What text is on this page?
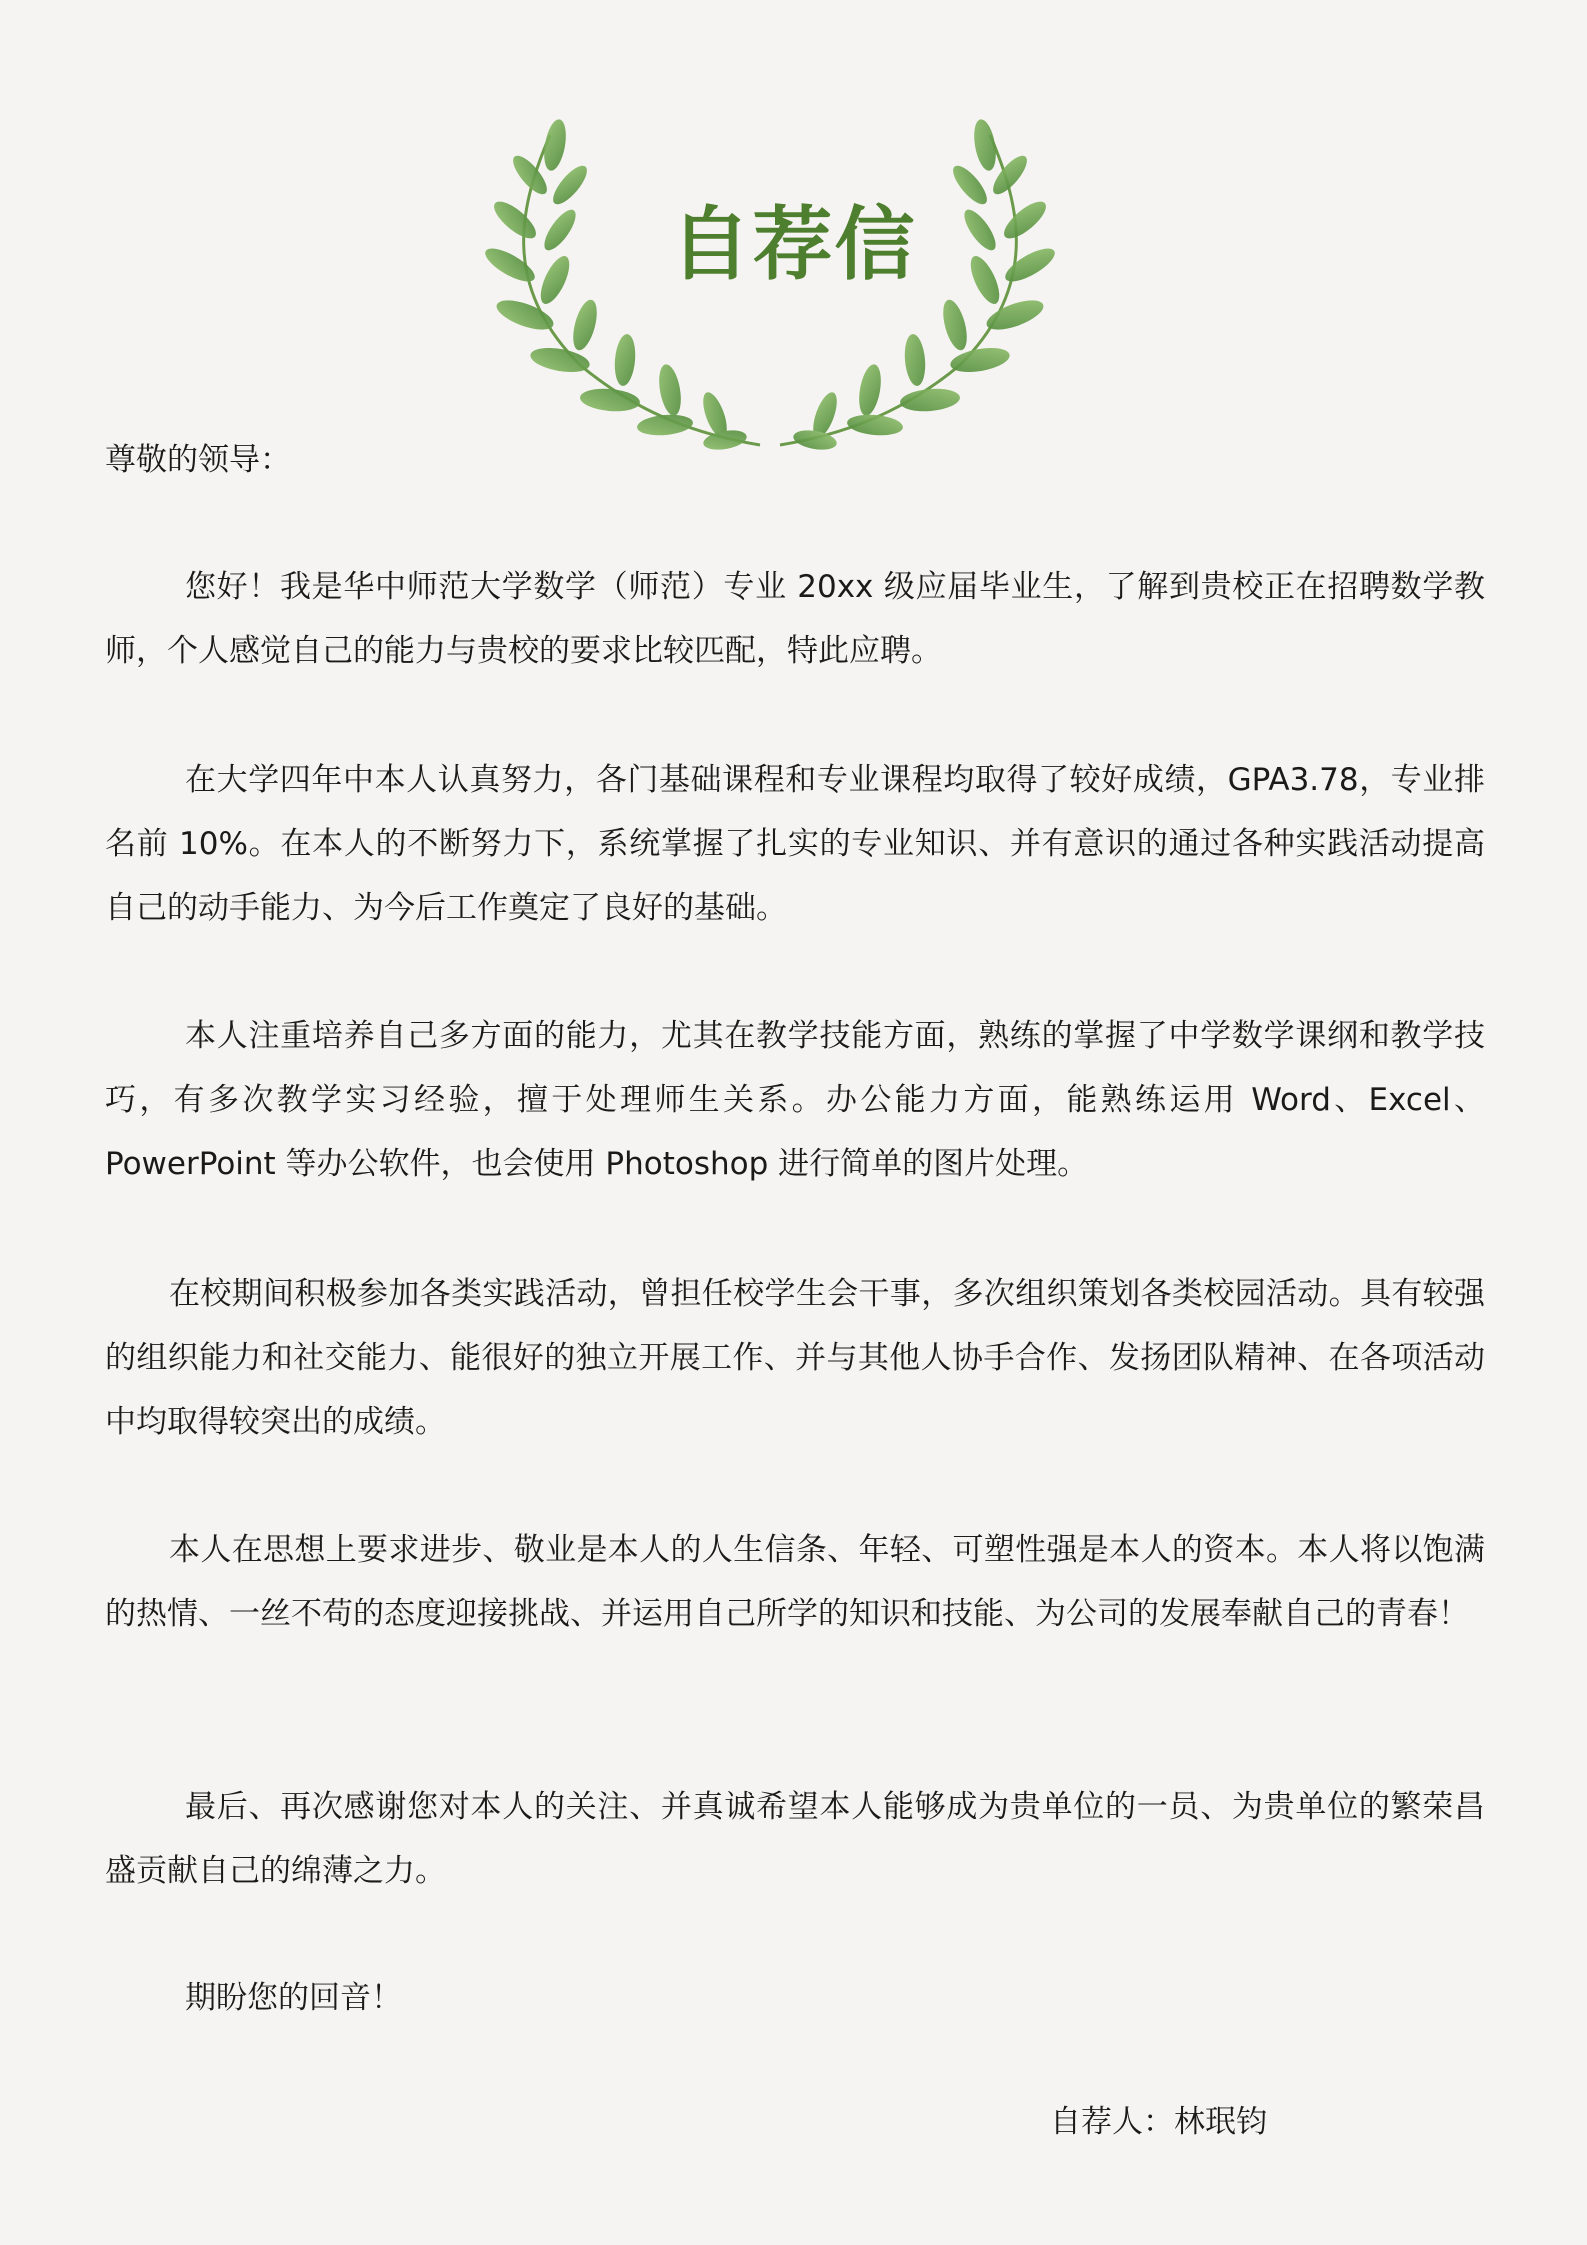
自荐信
尊敬的领导：

您好！我是华中师范大学数学（师范）专业 20xx 级应届毕业生，了解到贵校正在招聘数学教师，个人感觉自己的能力与贵校的要求比较匹配，特此应聘。

在大学四年中本人认真努力，各门基础课程和专业课程均取得了较好成绩，GPA3.78，专业排名前 10%。在本人的不断努力下，系统掌握了扎实的专业知识、并有意识的通过各种实践活动提高自己的动手能力、为今后工作奠定了良好的基础。

本人注重培养自己多方面的能力，尤其在教学技能方面，熟练的掌握了中学数学课纲和教学技巧，有多次教学实习经验，擅于处理师生关系。办公能力方面，能熟练运用 Word、Excel、PowerPoint 等办公软件，也会使用 Photoshop 进行简单的图片处理。

在校期间积极参加各类实践活动，曾担任校学生会干事，多次组织策划各类校园活动。具有较强的组织能力和社交能力、能很好的独立开展工作、并与其他人协手合作、发扬团队精神、在各项活动中均取得较突出的成绩。

本人在思想上要求进步、敬业是本人的人生信条、年轻、可塑性强是本人的资本。本人将以饱满的热情、一丝不苟的态度迎接挑战、并运用自己所学的知识和技能、为公司的发展奉献自己的青春！

最后、再次感谢您对本人的关注、并真诚希望本人能够成为贵单位的一员、为贵单位的繁荣昌盛贡献自己的绵薄之力。

期盼您的回音！

自荐人：林珉钧
